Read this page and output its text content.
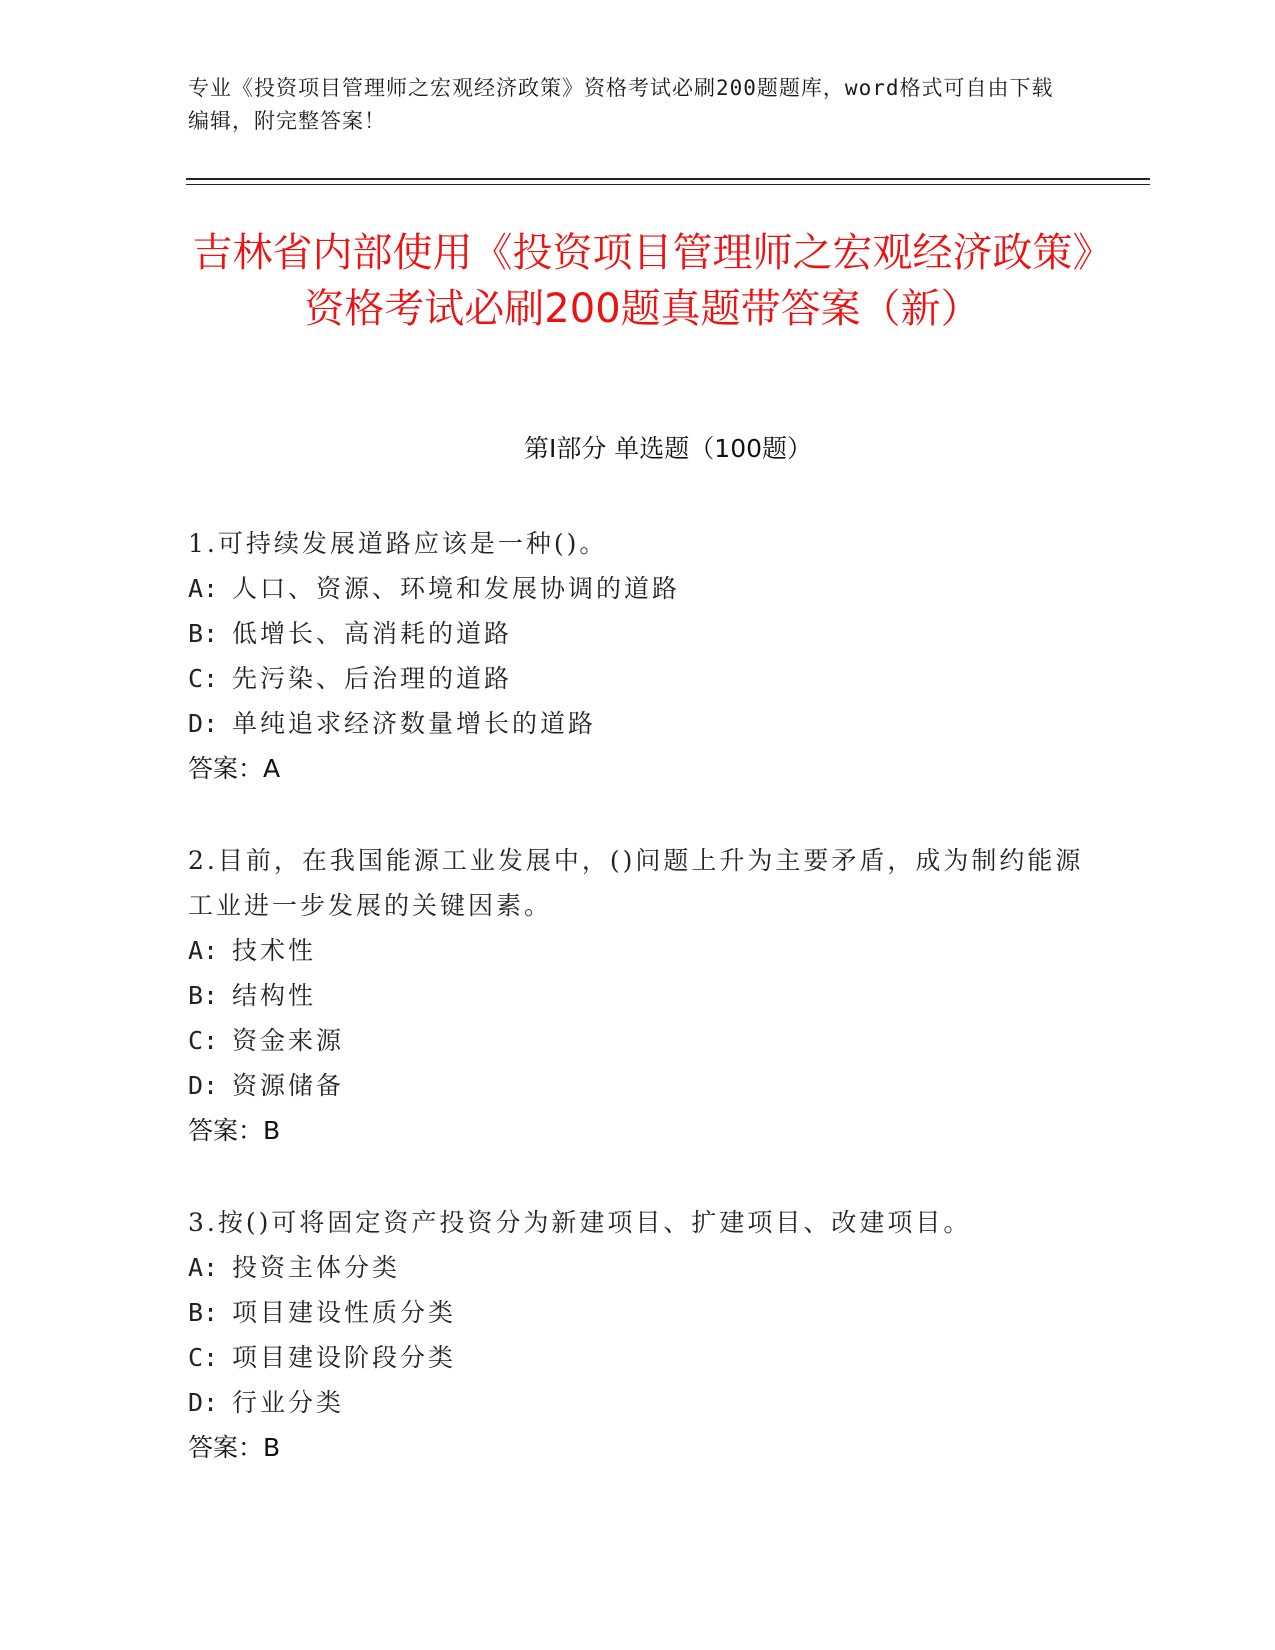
专业《投资项目管理师之宏观经济政策》资格考试必刷200题题库，word格式可自由下载编辑，附完整答案！
吉林省内部使用《投资项目管理师之宏观经济政策》资格考试必刷200题真题带答案（新）
第Ⅰ部分 单选题（100题）
1.可持续发展道路应该是一种()。
A: 人口、资源、环境和发展协调的道路
B: 低增长、高消耗的道路
C: 先污染、后治理的道路
D: 单纯追求经济数量增长的道路
答案：A
2.目前，在我国能源工业发展中，()问题上升为主要矛盾，成为制约能源工业进一步发展的关键因素。
A: 技术性
B: 结构性
C: 资金来源
D: 资源储备
答案：B
3.按()可将固定资产投资分为新建项目、扩建项目、改建项目。
A: 投资主体分类
B: 项目建设性质分类
C: 项目建设阶段分类
D: 行业分类
答案：B
